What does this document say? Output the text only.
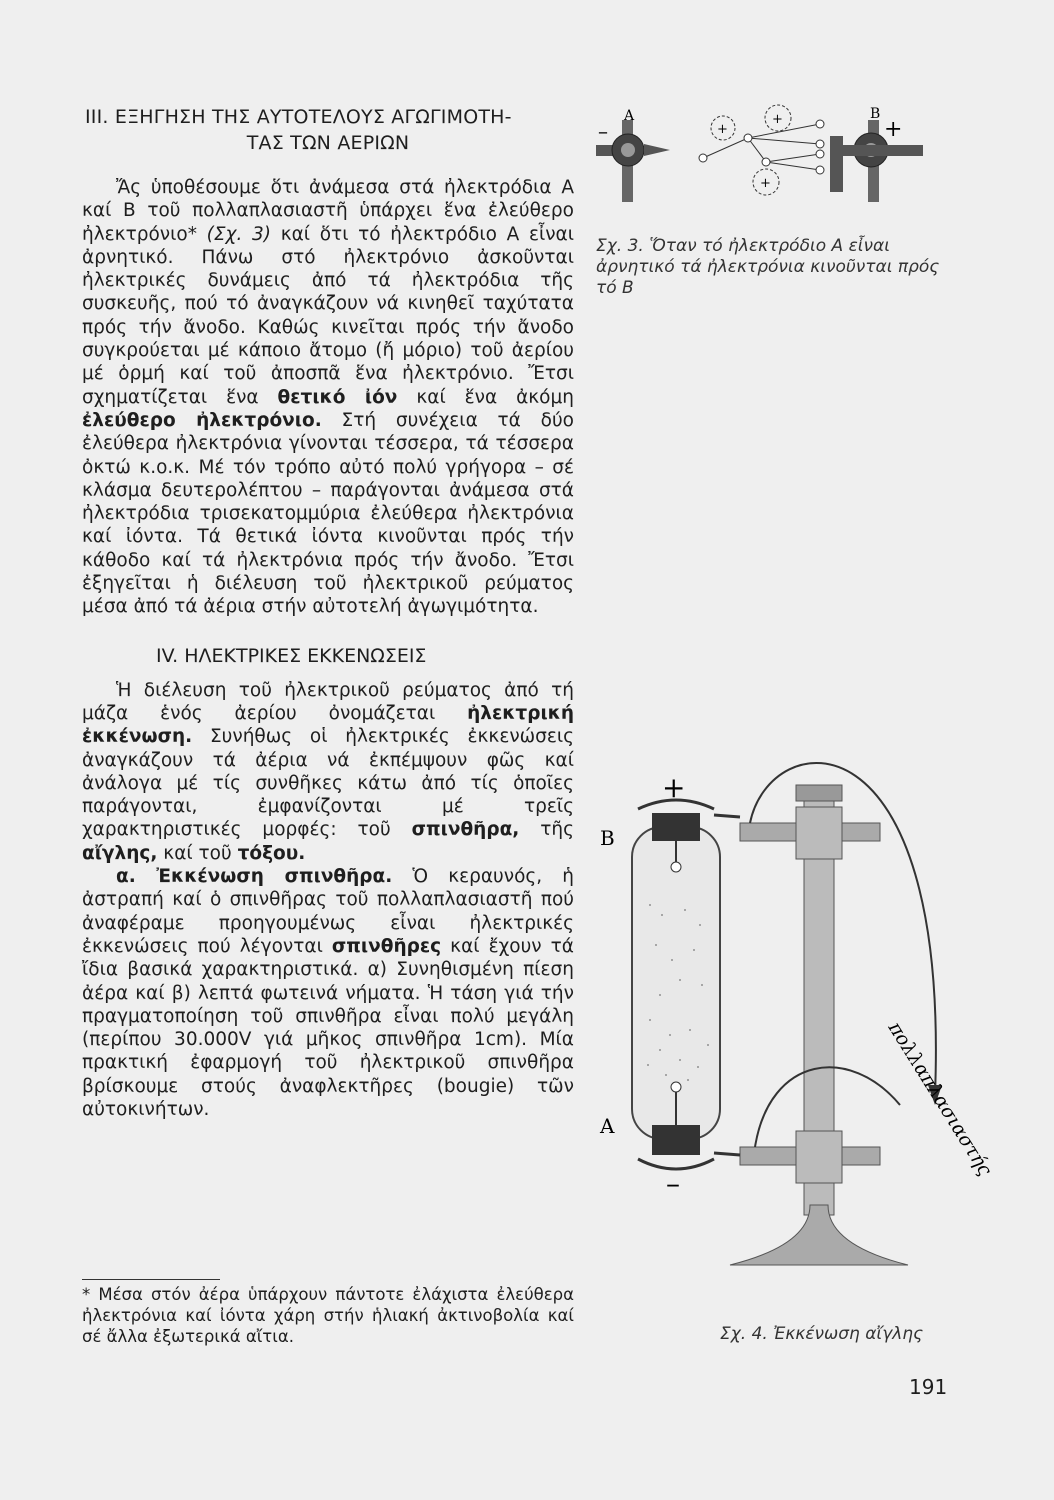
III. ΕΞΗΓΗΣΗ ΤΗΣ ΑΥΤΟΤΕΛΟΥΣ ΑΓΩΓΙΜΟΤΗ-
ΤΑΣ ΤΩΝ ΑΕΡΙΩΝ

Ἄς ὑποθέσουμε ὅτι ἀνάμεσα στά ἠλεκτρόδια Α καί Β τοῦ πολλαπλασιαστῆ ὑπάρχει ἕνα ἐλεύθερο ἠλεκτρόνιο* (Σχ. 3) καί ὅτι τό ἠλεκτρόδιο Α εἶναι ἀρνητικό. Πάνω στό ἠλεκτρόνιο ἀσκοῦνται ἠλεκτρικές δυνάμεις ἀπό τά ἠλεκτρόδια τῆς συσκευῆς, πού τό ἀναγκάζουν νά κινηθεῖ ταχύτατα πρός τήν ἄνοδο. Καθώς κινεῖται πρός τήν ἄνοδο συγκρούεται μέ κάποιο ἄτομο (ἤ μόριο) τοῦ ἀερίου μέ ὁρμή καί τοῦ ἀποσπᾶ ἕνα ἠλεκτρόνιο. Ἔτσι σχηματίζεται ἕνα θετικό ἰόν καί ἕνα ἀκόμη ἐλεύθερο ἠλεκτρόνιο. Στή συνέχεια τά δύο ἐλεύθερα ἠλεκτρόνια γίνονται τέσσερα, τά τέσσερα ὀκτώ κ.ο.κ. Μέ τόν τρόπο αὐτό πολύ γρήγορα – σέ κλάσμα δευτερολέπτου – παράγονται ἀνάμεσα στά ἠλεκτρόδια τρισεκατομμύρια ἐλεύθερα ἠλεκτρόνια καί ἰόντα. Τά θετικά ἰόντα κινοῦνται πρός τήν κάθοδο καί τά ἠλεκτρόνια πρός τήν ἄνοδο. Ἔτσι ἐξηγεῖται ἡ διέλευση τοῦ ἠλεκτρικοῦ ρεύματος μέσα ἀπό τά ἀέρια στήν αὐτοτελή ἀγωγιμότητα.

IV. ΗΛΕΚΤΡΙΚΕΣ ΕΚΚΕΝΩΣΕΙΣ

Ἡ διέλευση τοῦ ἠλεκτρικοῦ ρεύματος ἀπό τή μάζα ἑνός ἀερίου ὀνομάζεται ἠλεκτρική ἐκκένωση. Συνήθως οἱ ἠλεκτρικές ἐκκενώσεις ἀναγκάζουν τά ἀέρια νά ἐκπέμψουν φῶς καί ἀνάλογα μέ τίς συνθῆκες κάτω ἀπό τίς ὁποῖες παράγονται, ἐμφανίζονται μέ τρεῖς χαρακτηριστικές μορφές: τοῦ σπινθῆρα, τῆς αἴγλης, καί τοῦ τόξου.

α. Ἐκκένωση σπινθῆρα. Ὁ κεραυνός, ἡ ἀστραπή καί ὁ σπινθῆρας τοῦ πολλαπλασιαστῆ πού ἀναφέραμε προηγουμένως εἶναι ἠλεκτρικές ἐκκενώσεις πού λέγονται σπινθῆρες καί ἔχουν τά ἴδια βασικά χαρακτηριστικά. α) Συνηθισμένη πίεση ἀέρα καί β) λεπτά φωτεινά νήματα. Ἡ τάση γιά τήν πραγματοποίηση τοῦ σπινθῆρα εἶναι πολύ μεγάλη (περίπου 30.000V γιά μῆκος σπινθῆρα 1cm). Μία πρακτική ἐφαρμογή τοῦ ἠλεκτρικοῦ σπινθῆρα βρίσκουμε στούς ἀναφλεκτῆρες (bougie) τῶν αὐτοκινήτων.

* Μέσα στόν ἀέρα ὑπάρχουν πάντοτε ἐλάχιστα ἐλεύθερα ἠλεκτρόνια καί ἰόντα χάρη στήν ἡλιακή ἀκτινοβολία καί σέ ἄλλα ἐξωτερικά αἴτια.
A
–
B
+
+
+
+
Σχ. 3. Ὅταν τό ἠλεκτρόδιο Α εἶναι ἀρνητικό τά ἠλεκτρόνια κινοῦνται πρός τό Β
+
–
B
A	πολλαπλασιαστής
Σχ. 4. Ἐκκένωση αἴγλης
191
